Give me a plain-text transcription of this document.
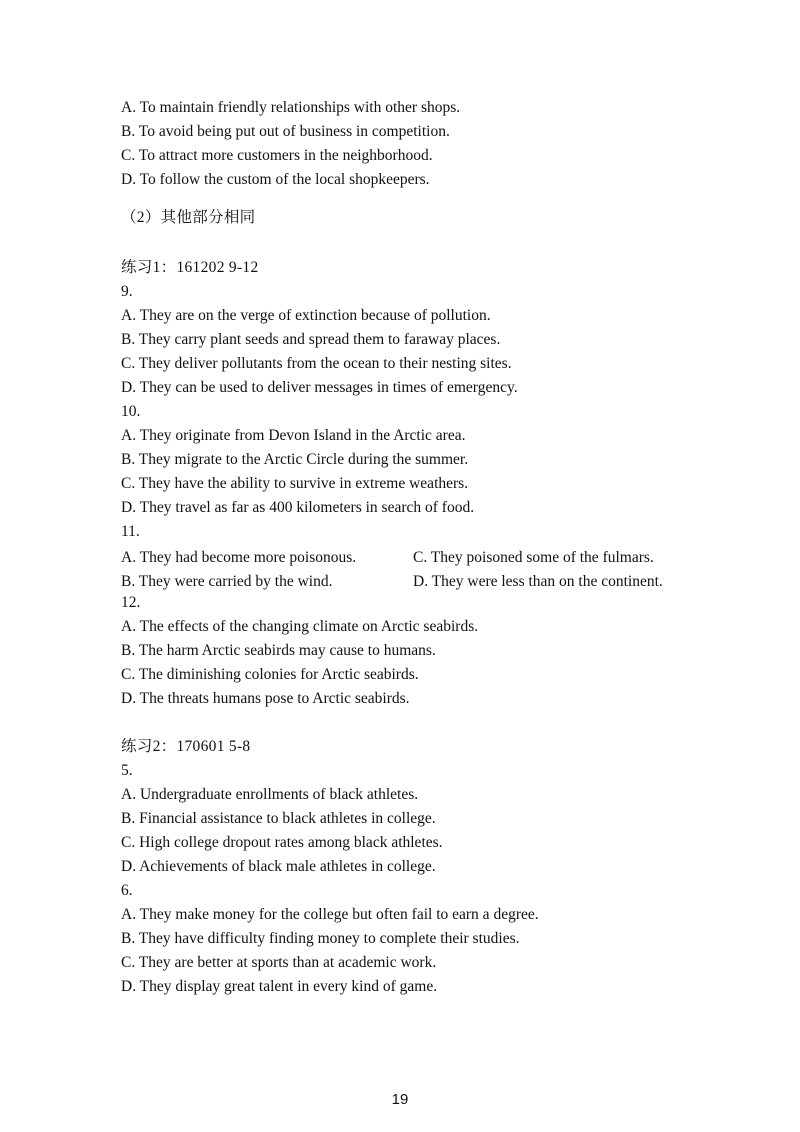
A. To maintain friendly relationships with other shops.
B. To avoid being put out of business in competition.
C. To attract more customers in the neighborhood.
D. To follow the custom of the local shopkeepers.
（2）其他部分相同
练习1：161202 9-12
9.
A. They are on the verge of extinction because of pollution.
B. They carry plant seeds and spread them to faraway places.
C. They deliver pollutants from the ocean to their nesting sites.
D. They can be used to deliver messages in times of emergency.
10.
A. They originate from Devon Island in the Arctic area.
B. They migrate to the Arctic Circle during the summer.
C. They have the ability to survive in extreme weathers.
D. They travel as far as 400 kilometers in search of food.
11.
A. They had become more poisonous.	C. They poisoned some of the fulmars.
B. They were carried by the wind.	D. They were less than on the continent.
12.
A. The effects of the changing climate on Arctic seabirds.
B. The harm Arctic seabirds may cause to humans.
C. The diminishing colonies for Arctic seabirds.
D. The threats humans pose to Arctic seabirds.
练习2：170601 5-8
5.
A. Undergraduate enrollments of black athletes.
B. Financial assistance to black athletes in college.
C. High college dropout rates among black athletes.
D. Achievements of black male athletes in college.
6.
A. They make money for the college but often fail to earn a degree.
B. They have difficulty finding money to complete their studies.
C. They are better at sports than at academic work.
D. They display great talent in every kind of game.
19
